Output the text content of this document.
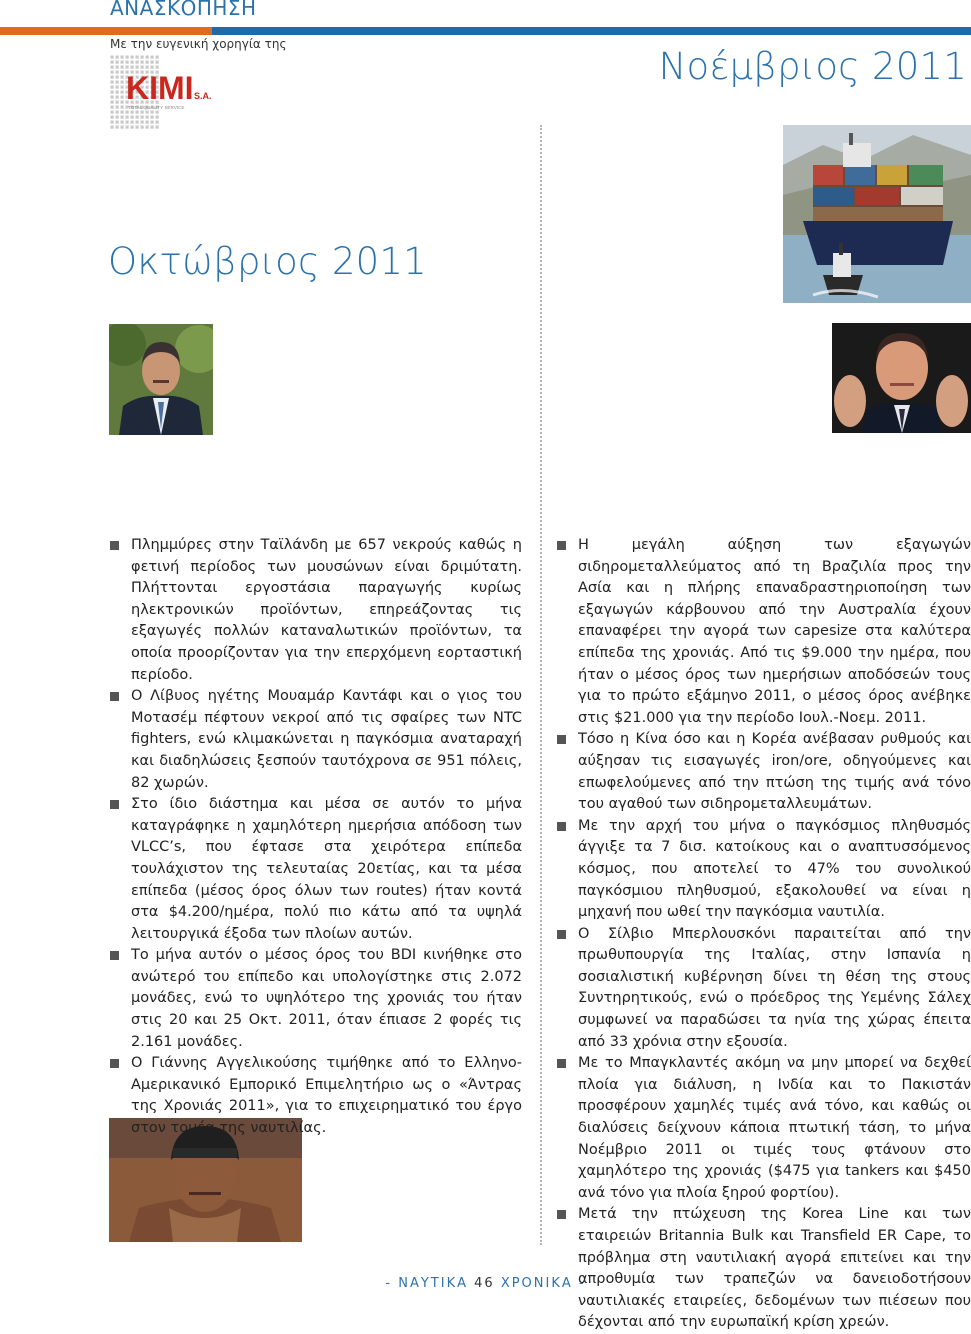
ΑΝΑΣΚΟΠΗΣΗ
Με την ευγενική χορηγία της
KIMI S.A.
TOTAL QUALITY SERVICE
Νοέμβριος 2011
Οκτώβριος 2011
Πλημμύρες στην Ταϊλάνδη με 657 νεκρούς καθώς η φετινή περίοδος των μουσώνων είναι δριμύτατη. Πλήττονται εργοστάσια παραγωγής κυρίως ηλεκτρονικών προϊόντων, επηρεάζοντας τις εξαγωγές πολλών καταναλωτικών προϊόντων, τα οποία προορίζονταν για την επερχόμενη εορταστική περίοδο.
Ο Λίβυος ηγέτης Μουαμάρ Καντάφι και ο γιος του Μοτασέμ πέφτουν νεκροί από τις σφαίρες των NTC fighters, ενώ κλιμακώνεται η παγκόσμια αναταραχή και διαδηλώσεις ξεσπούν ταυτόχρονα σε 951 πόλεις, 82 χωρών.
Στο ίδιο διάστημα και μέσα σε αυτόν το μήνα καταγράφηκε η χαμηλότερη ημερήσια απόδοση των VLCC’s, που έφτασε στα χειρότερα επίπεδα τουλάχιστον της τελευταίας 20ετίας, και τα μέσα επίπεδα (μέσος όρος όλων των routes) ήταν κοντά στα $4.200/ημέρα, πολύ πιο κάτω από τα υψηλά λειτουργικά έξοδα των πλοίων αυτών.
Το μήνα αυτόν ο μέσος όρος του BDI κινήθηκε στο ανώτερό του επίπεδο και υπολογίστηκε στις 2.072 μονάδες, ενώ το υψηλότερο της χρονιάς του ήταν στις 20 και 25 Οκτ. 2011, όταν έπιασε 2 φορές τις 2.161 μονάδες.
Ο Γιάννης Αγγελικούσης τιμήθηκε από το Ελληνο-Αμερικανικό Εμπορικό Επιμελητήριο ως ο «Άντρας της Χρονιάς 2011», για το επιχειρηματικό του έργο στον τομέα της ναυτιλίας.
Η μεγάλη αύξηση των εξαγωγών σιδηρομεταλλεύματος από τη Βραζιλία προς την Ασία και η πλήρης επαναδραστηριοποίηση των εξαγωγών κάρβουνου από την Αυστραλία έχουν επαναφέρει την αγορά των capesize στα καλύτερα επίπεδα της χρονιάς. Από τις $9.000 την ημέρα, που ήταν ο μέσος όρος των ημερήσιων αποδόσεών τους για το πρώτο εξάμηνο 2011, ο μέσος όρος ανέβηκε στις $21.000 για την περίοδο Ιουλ.-Νοεμ. 2011.
Τόσο η Κίνα όσο και η Κορέα ανέβασαν ρυθμούς και αύξησαν τις εισαγωγές iron/ore, οδηγούμενες και επωφελούμενες από την πτώση της τιμής ανά τόνο του αγαθού των σιδηρομεταλλευμάτων.
Με την αρχή του μήνα ο παγκόσμιος πληθυσμός άγγιξε τα 7 δισ. κατοίκους και ο αναπτυσσόμενος κόσμος, που αποτελεί το 47% του συνολικού παγκόσμιου πληθυσμού, εξακολουθεί να είναι η μηχανή που ωθεί την παγκόσμια ναυτιλία.
Ο Σίλβιο Μπερλουσκόνι παραιτείται από την πρωθυπουργία της Ιταλίας, στην Ισπανία η σοσιαλιστική κυβέρνηση δίνει τη θέση της στους Συντηρητικούς, ενώ ο πρόεδρος της Υεμένης Σάλεχ συμφωνεί να παραδώσει τα ηνία της χώρας έπειτα από 33 χρόνια στην εξουσία.
Με το Μπαγκλαντές ακόμη να μην μπορεί να δεχθεί πλοία για διάλυση, η Ινδία και το Πακιστάν προσφέρουν χαμηλές τιμές ανά τόνο, και καθώς οι διαλύσεις δείχνουν κάποια πτωτική τάση, το μήνα Νοέμβριο 2011 οι τιμές τους φτάνουν στο χαμηλότερο της χρονιάς ($475 για tankers και $450 ανά τόνο για πλοία ξηρού φορτίου).
Μετά την πτώχευση της Korea Line και των εταιρειών Britannia Bulk και Transfield ER Cape, το πρόβλημα στη ναυτιλιακή αγορά επιτείνει και την απροθυμία των τραπεζών να δανειοδοτήσουν ναυτιλιακές εταιρείες, δεδομένων των πιέσεων που δέχονται από την ευρωπαϊκή κρίση χρεών.
- ΝΑΥΤΙΚΑ 46 ΧΡΟΝΙΚΑ -
